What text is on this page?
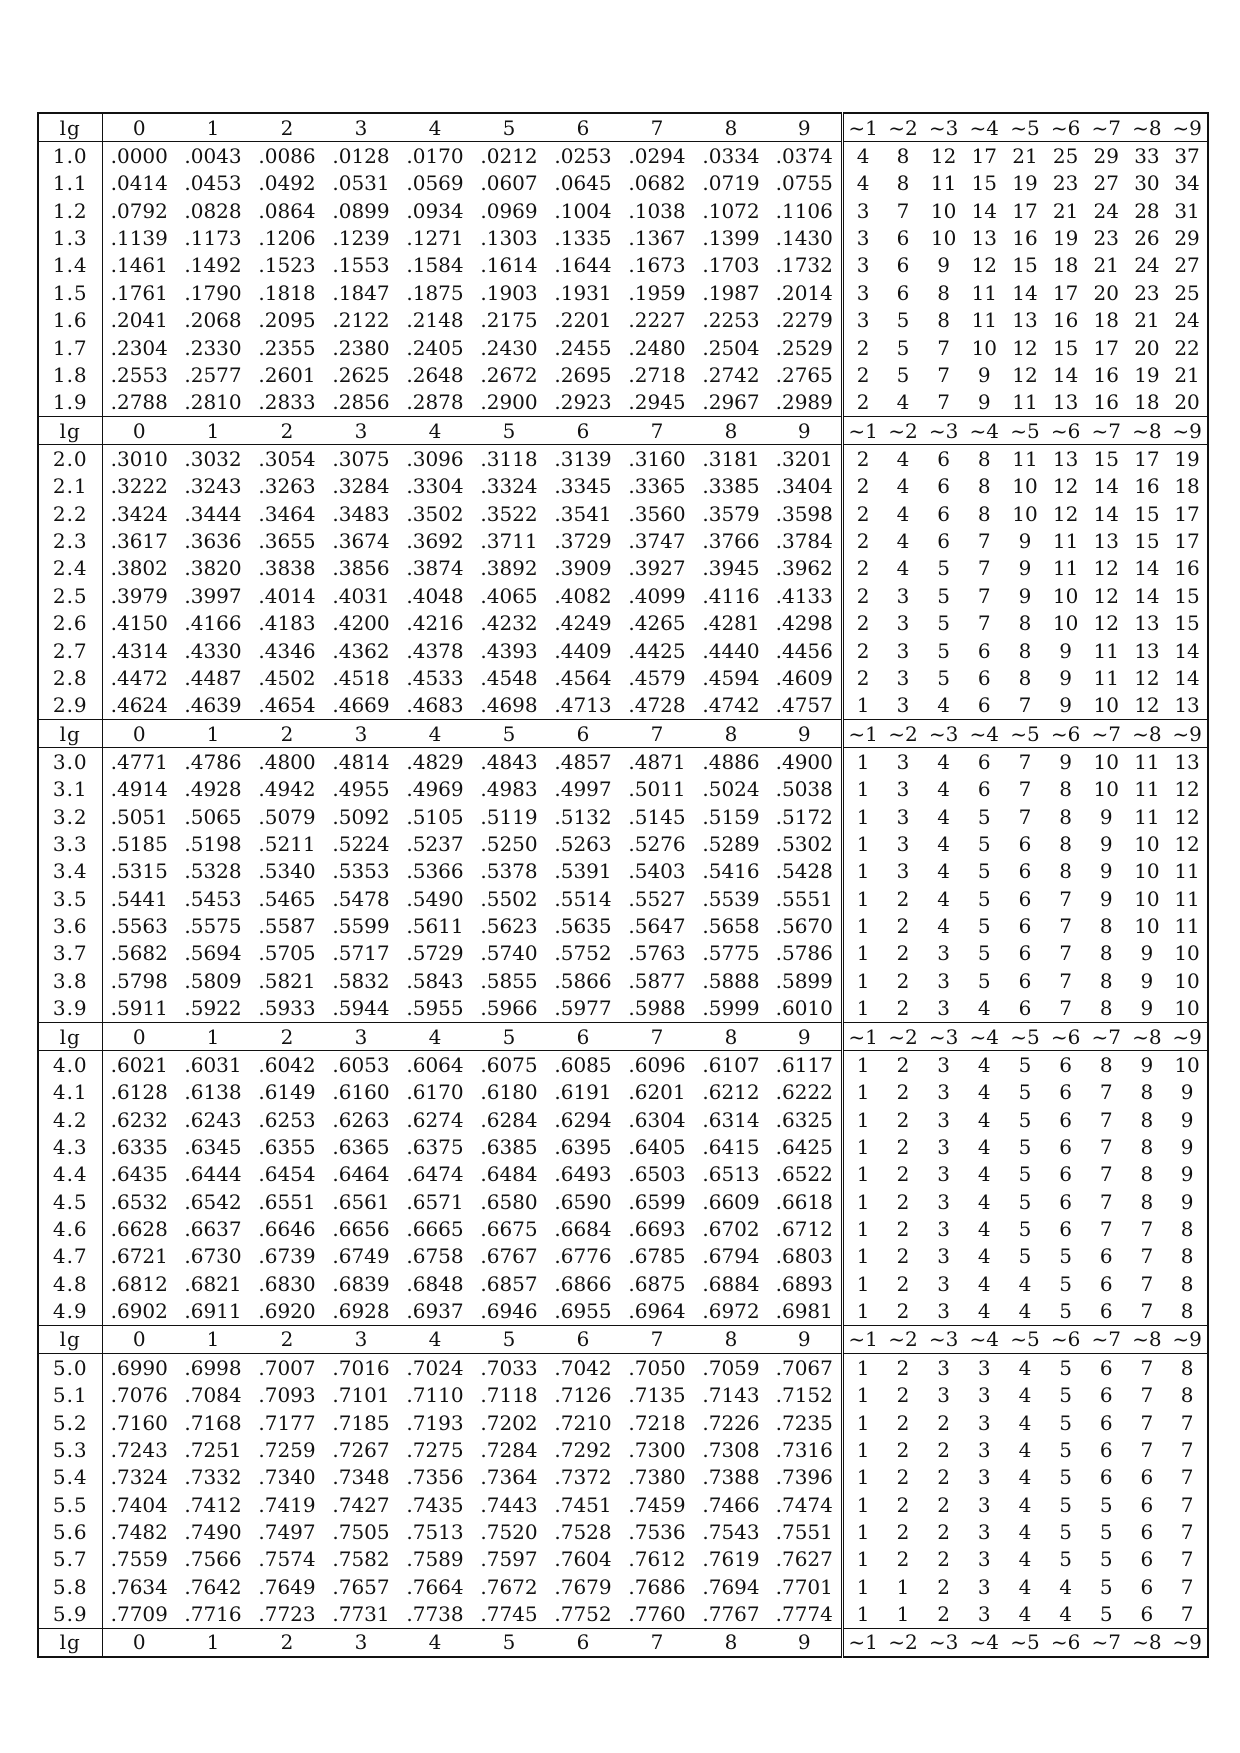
lg	0	1	2	3	4	5	6	7	8	9	~1	~2	~3	~4	~5	~6	~7	~8	~9
1.0	.0000	.0043	.0086	.0128	.0170	.0212	.0253	.0294	.0334	.0374	4	8	12	17	21	25	29	33	37
1.1	.0414	.0453	.0492	.0531	.0569	.0607	.0645	.0682	.0719	.0755	4	8	11	15	19	23	27	30	34
1.2	.0792	.0828	.0864	.0899	.0934	.0969	.1004	.1038	.1072	.1106	3	7	10	14	17	21	24	28	31
1.3	.1139	.1173	.1206	.1239	.1271	.1303	.1335	.1367	.1399	.1430	3	6	10	13	16	19	23	26	29
1.4	.1461	.1492	.1523	.1553	.1584	.1614	.1644	.1673	.1703	.1732	3	6	9	12	15	18	21	24	27
1.5	.1761	.1790	.1818	.1847	.1875	.1903	.1931	.1959	.1987	.2014	3	6	8	11	14	17	20	23	25
1.6	.2041	.2068	.2095	.2122	.2148	.2175	.2201	.2227	.2253	.2279	3	5	8	11	13	16	18	21	24
1.7	.2304	.2330	.2355	.2380	.2405	.2430	.2455	.2480	.2504	.2529	2	5	7	10	12	15	17	20	22
1.8	.2553	.2577	.2601	.2625	.2648	.2672	.2695	.2718	.2742	.2765	2	5	7	9	12	14	16	19	21
1.9	.2788	.2810	.2833	.2856	.2878	.2900	.2923	.2945	.2967	.2989	2	4	7	9	11	13	16	18	20
lg	0	1	2	3	4	5	6	7	8	9	~1	~2	~3	~4	~5	~6	~7	~8	~9
2.0	.3010	.3032	.3054	.3075	.3096	.3118	.3139	.3160	.3181	.3201	2	4	6	8	11	13	15	17	19
2.1	.3222	.3243	.3263	.3284	.3304	.3324	.3345	.3365	.3385	.3404	2	4	6	8	10	12	14	16	18
2.2	.3424	.3444	.3464	.3483	.3502	.3522	.3541	.3560	.3579	.3598	2	4	6	8	10	12	14	15	17
2.3	.3617	.3636	.3655	.3674	.3692	.3711	.3729	.3747	.3766	.3784	2	4	6	7	9	11	13	15	17
2.4	.3802	.3820	.3838	.3856	.3874	.3892	.3909	.3927	.3945	.3962	2	4	5	7	9	11	12	14	16
2.5	.3979	.3997	.4014	.4031	.4048	.4065	.4082	.4099	.4116	.4133	2	3	5	7	9	10	12	14	15
2.6	.4150	.4166	.4183	.4200	.4216	.4232	.4249	.4265	.4281	.4298	2	3	5	7	8	10	12	13	15
2.7	.4314	.4330	.4346	.4362	.4378	.4393	.4409	.4425	.4440	.4456	2	3	5	6	8	9	11	13	14
2.8	.4472	.4487	.4502	.4518	.4533	.4548	.4564	.4579	.4594	.4609	2	3	5	6	8	9	11	12	14
2.9	.4624	.4639	.4654	.4669	.4683	.4698	.4713	.4728	.4742	.4757	1	3	4	6	7	9	10	12	13
lg	0	1	2	3	4	5	6	7	8	9	~1	~2	~3	~4	~5	~6	~7	~8	~9
3.0	.4771	.4786	.4800	.4814	.4829	.4843	.4857	.4871	.4886	.4900	1	3	4	6	7	9	10	11	13
3.1	.4914	.4928	.4942	.4955	.4969	.4983	.4997	.5011	.5024	.5038	1	3	4	6	7	8	10	11	12
3.2	.5051	.5065	.5079	.5092	.5105	.5119	.5132	.5145	.5159	.5172	1	3	4	5	7	8	9	11	12
3.3	.5185	.5198	.5211	.5224	.5237	.5250	.5263	.5276	.5289	.5302	1	3	4	5	6	8	9	10	12
3.4	.5315	.5328	.5340	.5353	.5366	.5378	.5391	.5403	.5416	.5428	1	3	4	5	6	8	9	10	11
3.5	.5441	.5453	.5465	.5478	.5490	.5502	.5514	.5527	.5539	.5551	1	2	4	5	6	7	9	10	11
3.6	.5563	.5575	.5587	.5599	.5611	.5623	.5635	.5647	.5658	.5670	1	2	4	5	6	7	8	10	11
3.7	.5682	.5694	.5705	.5717	.5729	.5740	.5752	.5763	.5775	.5786	1	2	3	5	6	7	8	9	10
3.8	.5798	.5809	.5821	.5832	.5843	.5855	.5866	.5877	.5888	.5899	1	2	3	5	6	7	8	9	10
3.9	.5911	.5922	.5933	.5944	.5955	.5966	.5977	.5988	.5999	.6010	1	2	3	4	6	7	8	9	10
lg	0	1	2	3	4	5	6	7	8	9	~1	~2	~3	~4	~5	~6	~7	~8	~9
4.0	.6021	.6031	.6042	.6053	.6064	.6075	.6085	.6096	.6107	.6117	1	2	3	4	5	6	8	9	10
4.1	.6128	.6138	.6149	.6160	.6170	.6180	.6191	.6201	.6212	.6222	1	2	3	4	5	6	7	8	9
4.2	.6232	.6243	.6253	.6263	.6274	.6284	.6294	.6304	.6314	.6325	1	2	3	4	5	6	7	8	9
4.3	.6335	.6345	.6355	.6365	.6375	.6385	.6395	.6405	.6415	.6425	1	2	3	4	5	6	7	8	9
4.4	.6435	.6444	.6454	.6464	.6474	.6484	.6493	.6503	.6513	.6522	1	2	3	4	5	6	7	8	9
4.5	.6532	.6542	.6551	.6561	.6571	.6580	.6590	.6599	.6609	.6618	1	2	3	4	5	6	7	8	9
4.6	.6628	.6637	.6646	.6656	.6665	.6675	.6684	.6693	.6702	.6712	1	2	3	4	5	6	7	7	8
4.7	.6721	.6730	.6739	.6749	.6758	.6767	.6776	.6785	.6794	.6803	1	2	3	4	5	5	6	7	8
4.8	.6812	.6821	.6830	.6839	.6848	.6857	.6866	.6875	.6884	.6893	1	2	3	4	4	5	6	7	8
4.9	.6902	.6911	.6920	.6928	.6937	.6946	.6955	.6964	.6972	.6981	1	2	3	4	4	5	6	7	8
lg	0	1	2	3	4	5	6	7	8	9	~1	~2	~3	~4	~5	~6	~7	~8	~9
5.0	.6990	.6998	.7007	.7016	.7024	.7033	.7042	.7050	.7059	.7067	1	2	3	3	4	5	6	7	8
5.1	.7076	.7084	.7093	.7101	.7110	.7118	.7126	.7135	.7143	.7152	1	2	3	3	4	5	6	7	8
5.2	.7160	.7168	.7177	.7185	.7193	.7202	.7210	.7218	.7226	.7235	1	2	2	3	4	5	6	7	7
5.3	.7243	.7251	.7259	.7267	.7275	.7284	.7292	.7300	.7308	.7316	1	2	2	3	4	5	6	7	7
5.4	.7324	.7332	.7340	.7348	.7356	.7364	.7372	.7380	.7388	.7396	1	2	2	3	4	5	6	6	7
5.5	.7404	.7412	.7419	.7427	.7435	.7443	.7451	.7459	.7466	.7474	1	2	2	3	4	5	5	6	7
5.6	.7482	.7490	.7497	.7505	.7513	.7520	.7528	.7536	.7543	.7551	1	2	2	3	4	5	5	6	7
5.7	.7559	.7566	.7574	.7582	.7589	.7597	.7604	.7612	.7619	.7627	1	2	2	3	4	5	5	6	7
5.8	.7634	.7642	.7649	.7657	.7664	.7672	.7679	.7686	.7694	.7701	1	1	2	3	4	4	5	6	7
5.9	.7709	.7716	.7723	.7731	.7738	.7745	.7752	.7760	.7767	.7774	1	1	2	3	4	4	5	6	7
lg	0	1	2	3	4	5	6	7	8	9	~1	~2	~3	~4	~5	~6	~7	~8	~9
